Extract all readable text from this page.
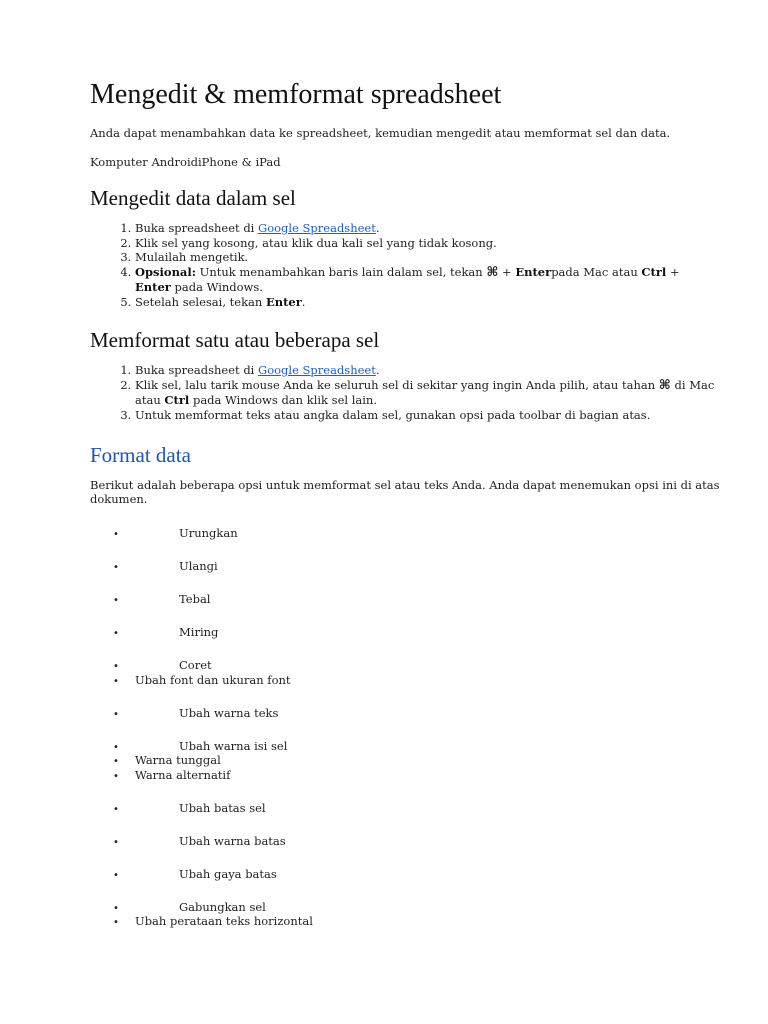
Mengedit & memformat spreadsheet

Anda dapat menambahkan data ke spreadsheet, kemudian mengedit atau memformat sel dan data.

Komputer AndroidiPhone & iPad

Mengedit data dalam sel
1. Buka spreadsheet di Google Spreadsheet.
2. Klik sel yang kosong, atau klik dua kali sel yang tidak kosong.
3. Mulailah mengetik.
4. Opsional: Untuk menambahkan baris lain dalam sel, tekan ⌘ + Enterpada Mac atau Ctrl +
Enter pada Windows.
5. Setelah selesai, tekan Enter.
Memformat satu atau beberapa sel
1. Buka spreadsheet di Google Spreadsheet.
2. Klik sel, lalu tarik mouse Anda ke seluruh sel di sekitar yang ingin Anda pilih, atau tahan ⌘ di Mac atau Ctrl pada Windows dan klik sel lain.
3. Untuk memformat teks atau angka dalam sel, gunakan opsi pada toolbar di bagian atas.
Format data

Berikut adalah beberapa opsi untuk memformat sel atau teks Anda. Anda dapat menemukan opsi ini di atas dokumen.

•	Urungkan
•	Ulangi
•	Tebal
•	Miring
•	Coret
• Ubah font dan ukuran font
•	Ubah warna teks
•	Ubah warna isi sel
• Warna tunggal
• Warna alternatif
•	Ubah batas sel
•	Ubah warna batas
•	Ubah gaya batas
•	Gabungkan sel
• Ubah perataan teks horizontal
